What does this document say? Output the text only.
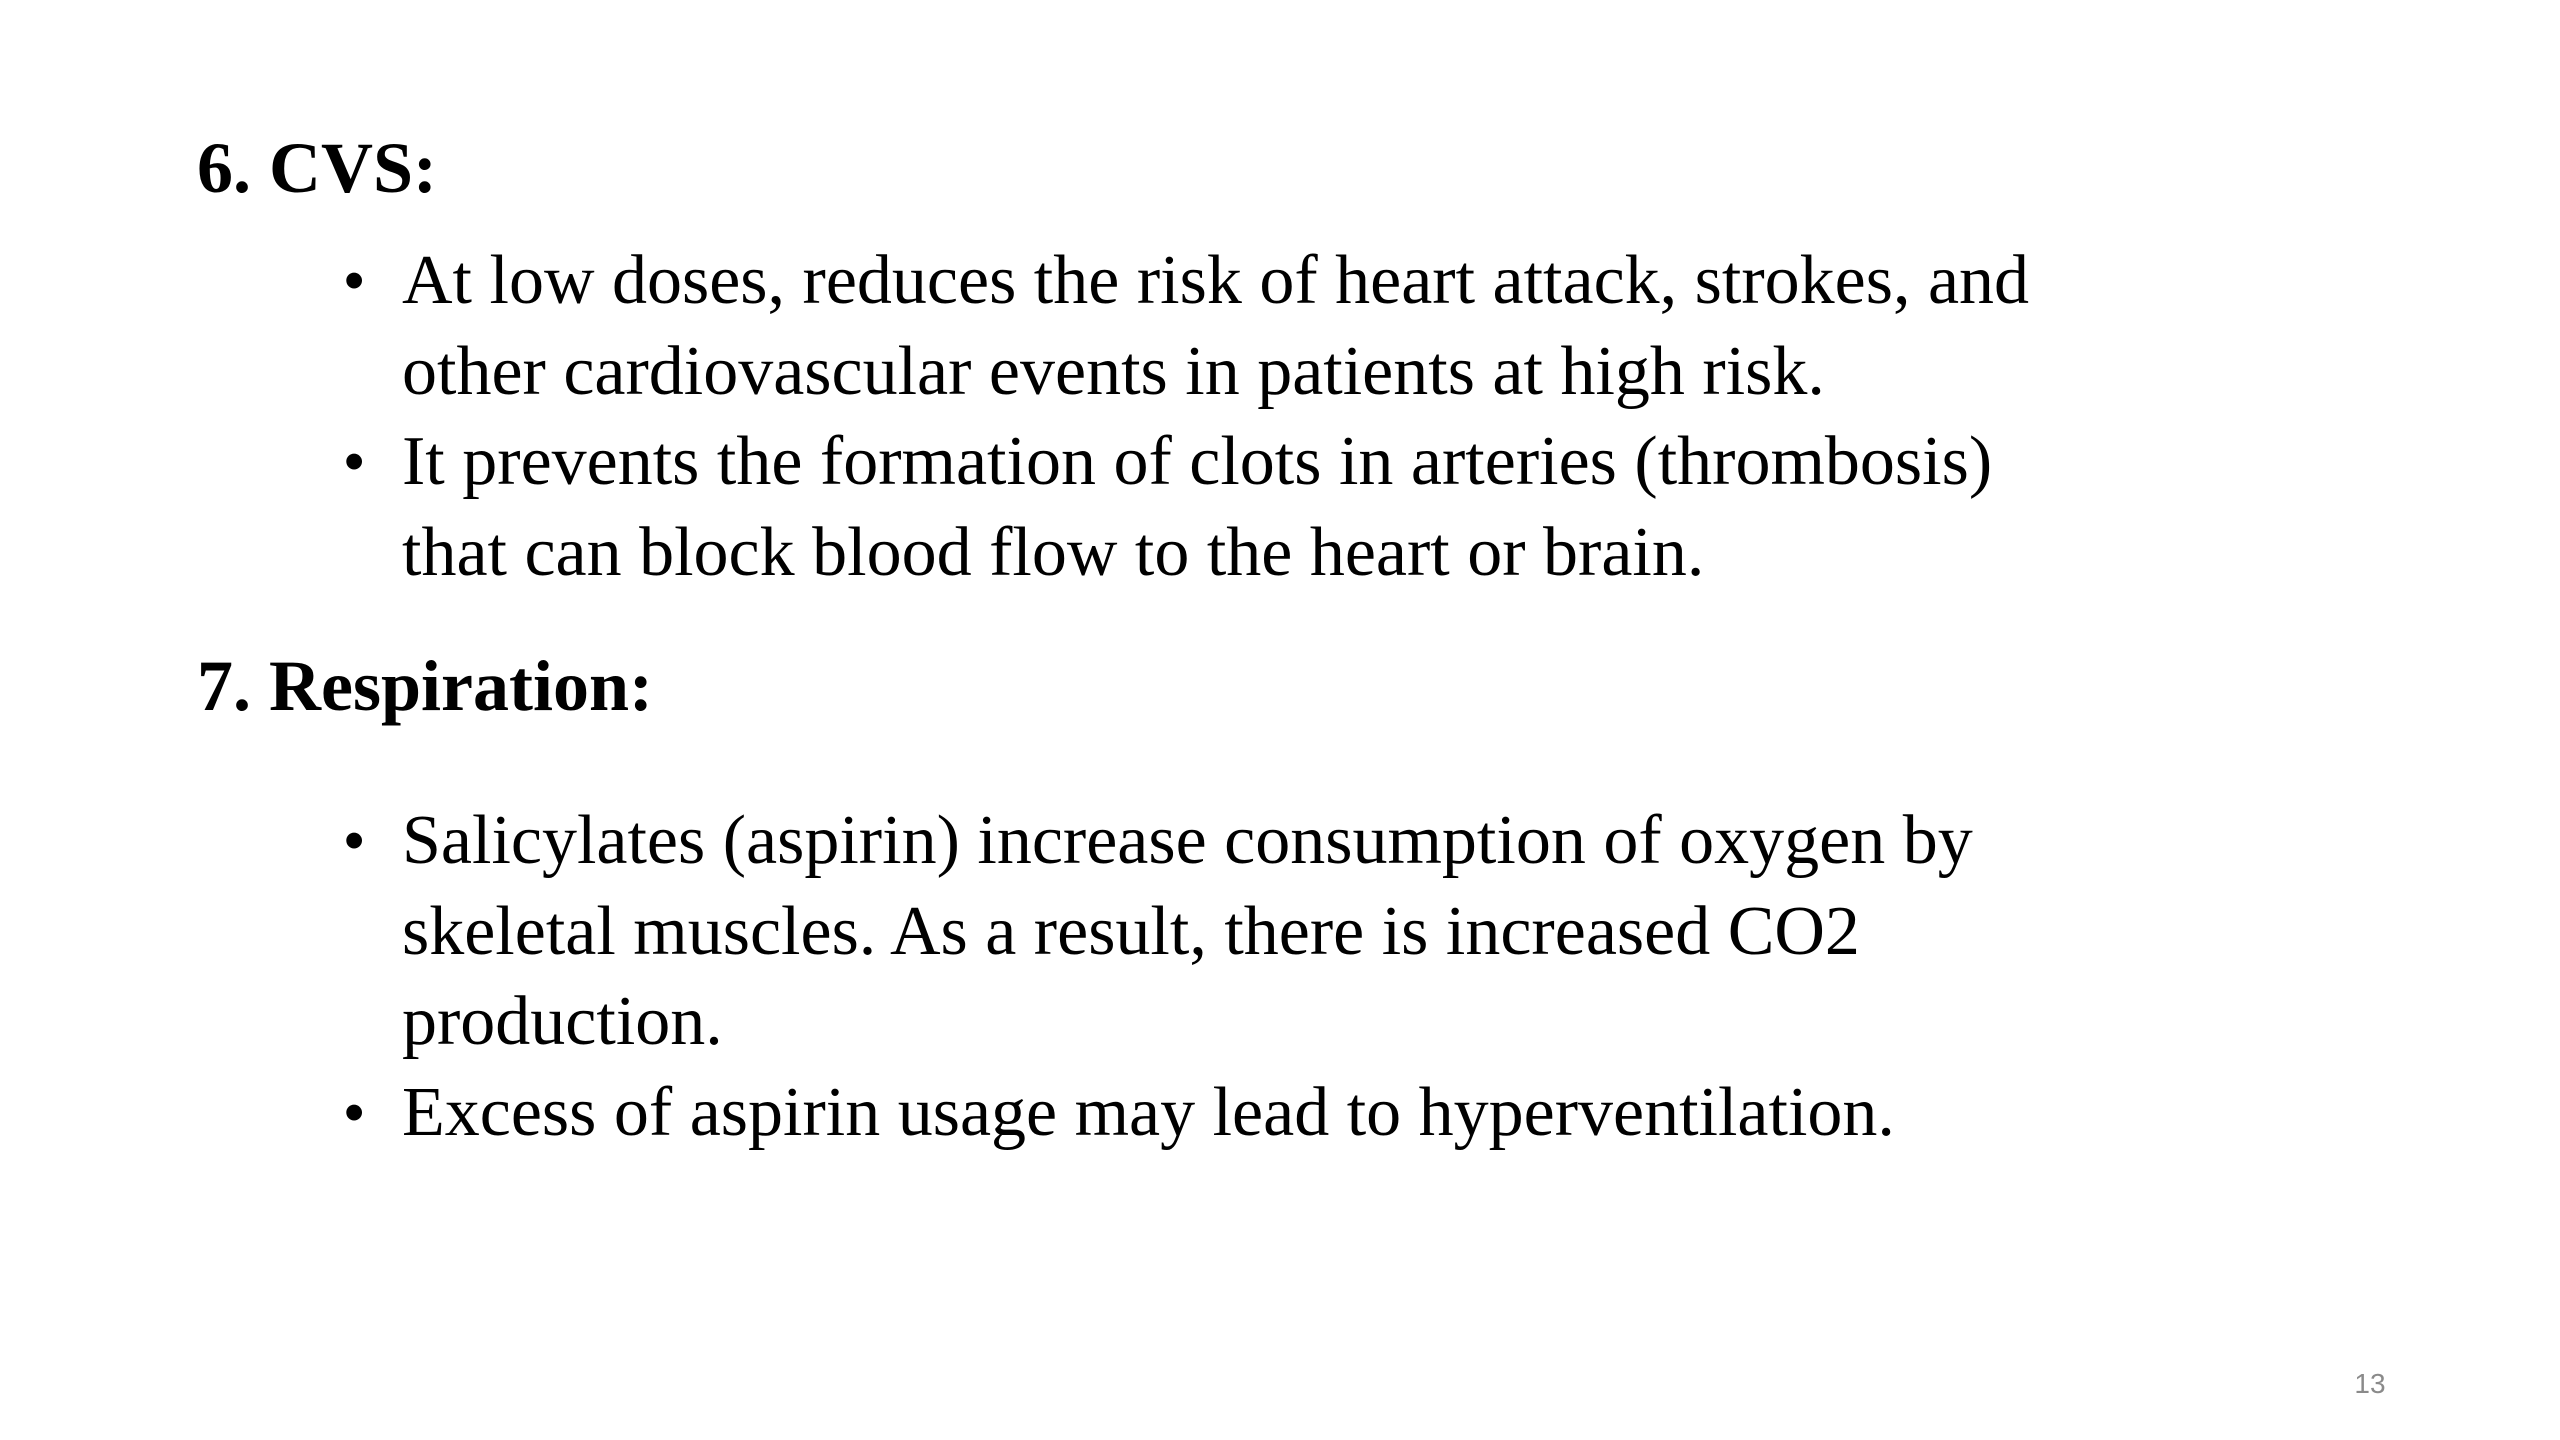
6. CVS:
• At low doses, reduces the risk of heart attack, strokes, and
other cardiovascular events in patients at high risk.
• It prevents the formation of clots in arteries (thrombosis)
that can block blood flow to the heart or brain.
7. Respiration:
• Salicylates (aspirin) increase consumption of oxygen by
skeletal muscles. As a result, there is increased CO2
production.
• Excess of aspirin usage may lead to hyperventilation.
13
